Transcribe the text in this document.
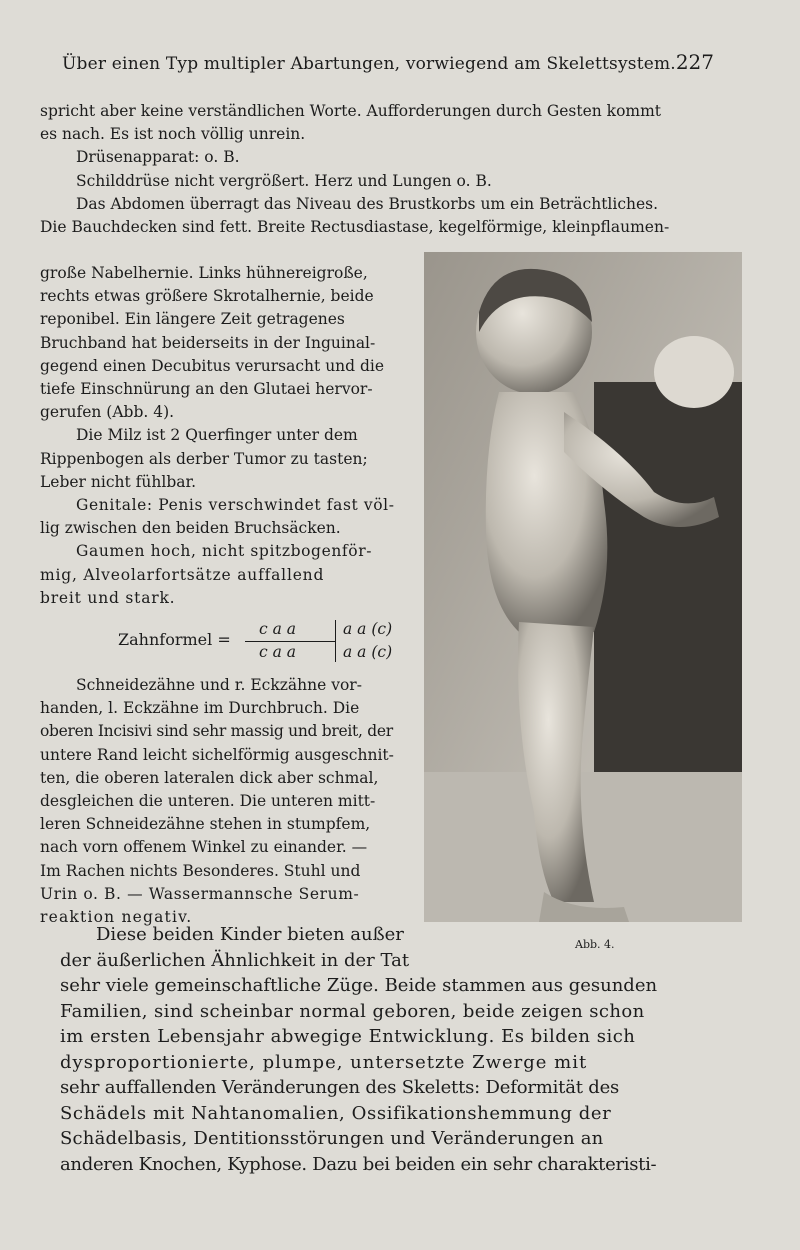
Über einen Typ multipler Abartungen, vorwiegend am Skelettsystem. 227
spricht aber keine verständlichen Worte. Aufforderungen durch Gesten kommt
es nach. Es ist noch völlig unrein.
Drüsenapparat: o. B.
Schilddrüse nicht vergrößert. Herz und Lungen o. B.
Das Abdomen überragt das Niveau des Brustkorbs um ein Beträchtliches.
Die Bauchdecken sind fett. Breite Rectusdiastase, kegelförmige, kleinpflaumen-
große Nabelhernie. Links hühnereigroße,
rechts etwas größere Skrotalhernie, beide
reponibel. Ein längere Zeit getragenes
Bruchband hat beiderseits in der Inguinal-
gegend einen Decubitus verursacht und die
tiefe Einschnürung an den Glutaei hervor-
gerufen (Abb. 4).
Die Milz ist 2 Querfinger unter dem
Rippenbogen als derber Tumor zu tasten;
Leber nicht fühlbar.
Genitale: Penis verschwindet fast völ-
lig zwischen den beiden Bruchsäcken.
Gaumen hoch, nicht spitzbogenför-
mig, Alveolarfortsätze auffallend
breit und stark.
Zahnformel =
c a a	a a (c)
c a a	a a (c)
Schneidezähne und r. Eckzähne vor-
handen, l. Eckzähne im Durchbruch. Die
oberen Incisivi sind sehr massig und breit, der
untere Rand leicht sichelförmig ausgeschnit-
ten, die oberen lateralen dick aber schmal,
desgleichen die unteren. Die unteren mitt-
leren Schneidezähne stehen in stumpfem,
nach vorn offenem Winkel zu einander. —
Im Rachen nichts Besonderes. Stuhl und
Urin o. B. — Wassermannsche Serum-
reaktion negativ.
Abb. 4.
Diese beiden Kinder bieten außer
der äußerlichen Ähnlichkeit in der Tat
sehr viele gemeinschaftliche Züge. Beide stammen aus gesunden
Familien, sind scheinbar normal geboren, beide zeigen schon
im ersten Lebensjahr abwegige Entwicklung. Es bilden sich
dysproportionierte, plumpe, untersetzte Zwerge mit
sehr auffallenden Veränderungen des Skeletts: Deformität des
Schädels mit Nahtanomalien, Ossifikationshemmung der
Schädelbasis, Dentitionsstörungen und Veränderungen an
anderen Knochen, Kyphose. Dazu bei beiden ein sehr charakteristi-
